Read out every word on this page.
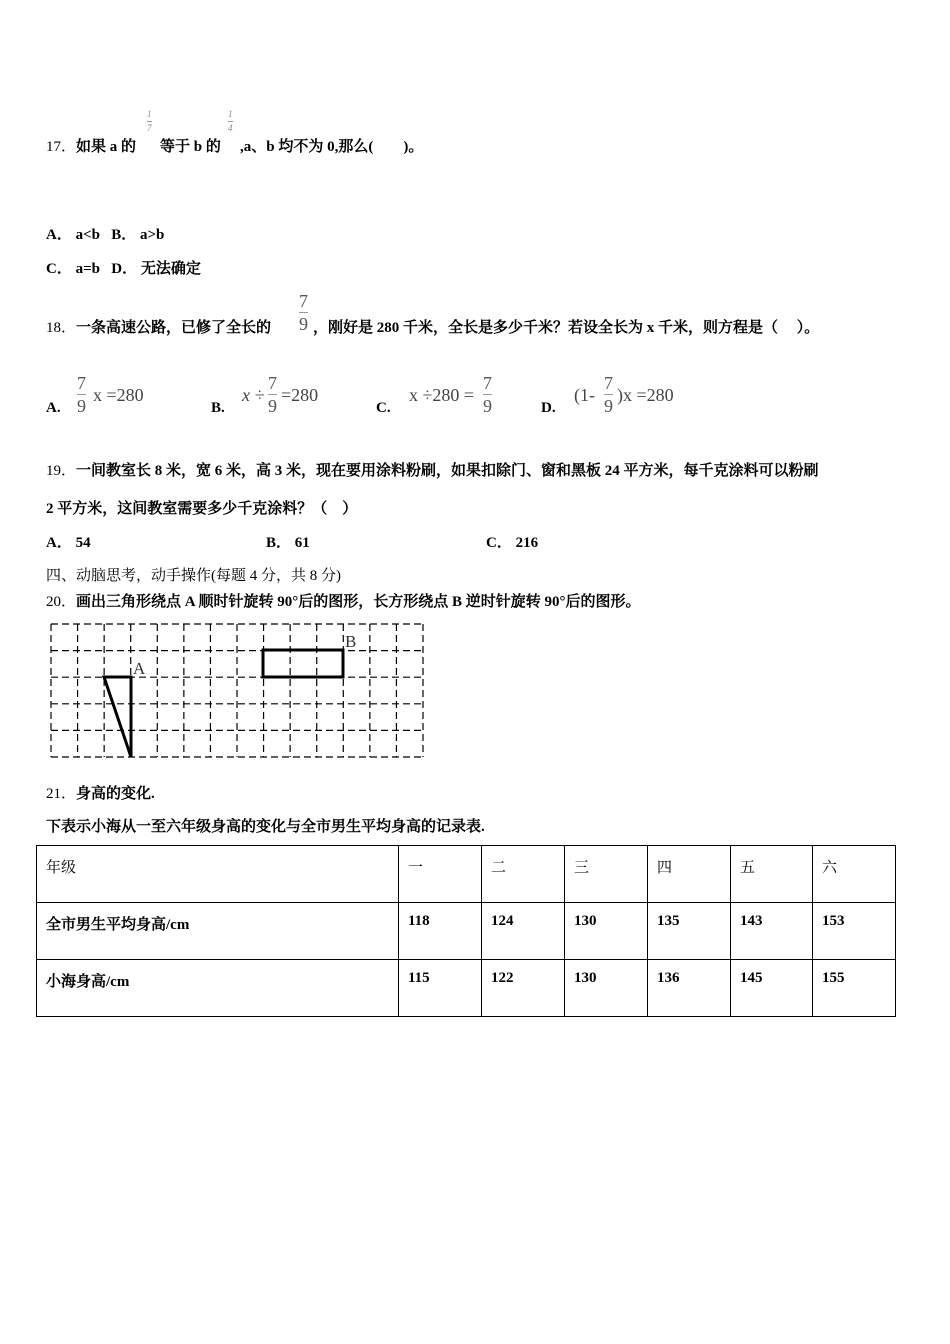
17．如果 a 的
1
7
等于 b 的
1
4
,a、b 均不为 0,那么(　　)。
A． a<b B． a>b
C． a=b D． 无法确定
18．一条高速公路，已修了全长的
7
9 ，刚好是 280 千米，全长是多少千米？若设全长为 x 千米，则方程是（　 ）。
A.
7
9
x =280
B.
x ÷
7
9
=280
C.
x ÷280 =
7
9	D.
(1-
7
9
)x =280
19．一间教室长 8 米，宽 6 米，高 3 米，现在要用涂料粉刷，如果扣除门、窗和黑板 24 平方米，每千克涂料可以粉刷
2 平方米，这间教室需要多少千克涂料？（　）
A． 54	B． 61	C． 216
四、动脑思考，动手操作(每题 4 分，共 8 分)
20．画出三角形绕点 A 顺时针旋转 90°后的图形，长方形绕点 B 逆时针旋转 90°后的图形。
A
B
21．身高的变化.
下表示小海从一至六年级身高的变化与全市男生平均身高的记录表.
年级	一	二	三	四	五	六
全市男生平均身高/cm	118	124	130	135	143	153
小海身高/cm	115	122	130	136	145	155
